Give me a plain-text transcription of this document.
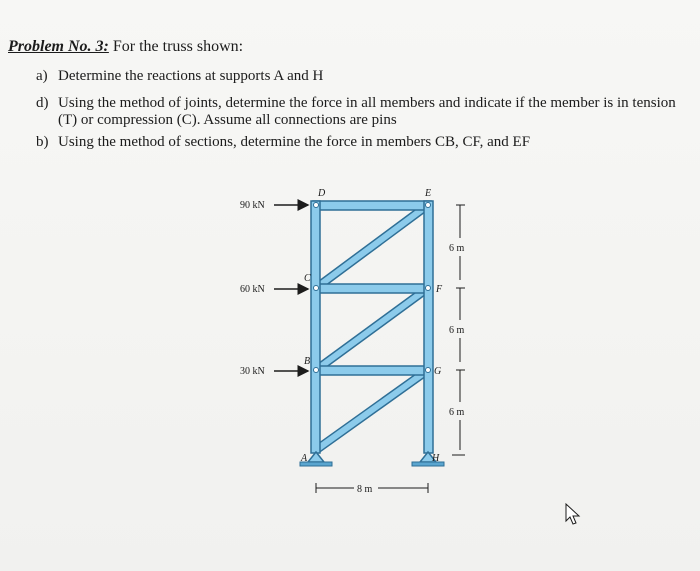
Problem No. 3: For the truss shown:
a) Determine the reactions at supports A and H
d) Using the method of joints, determine the force in all members and indicate if the member is in tension (T) or compression (C). Assume all connections are pins
b) Using the method of sections, determine the force in members CB, CF, and EF
D	E
C
F
B
G
A	H
90 kN
60 kN
30 kN
6 m
6 m
6 m
8 m
